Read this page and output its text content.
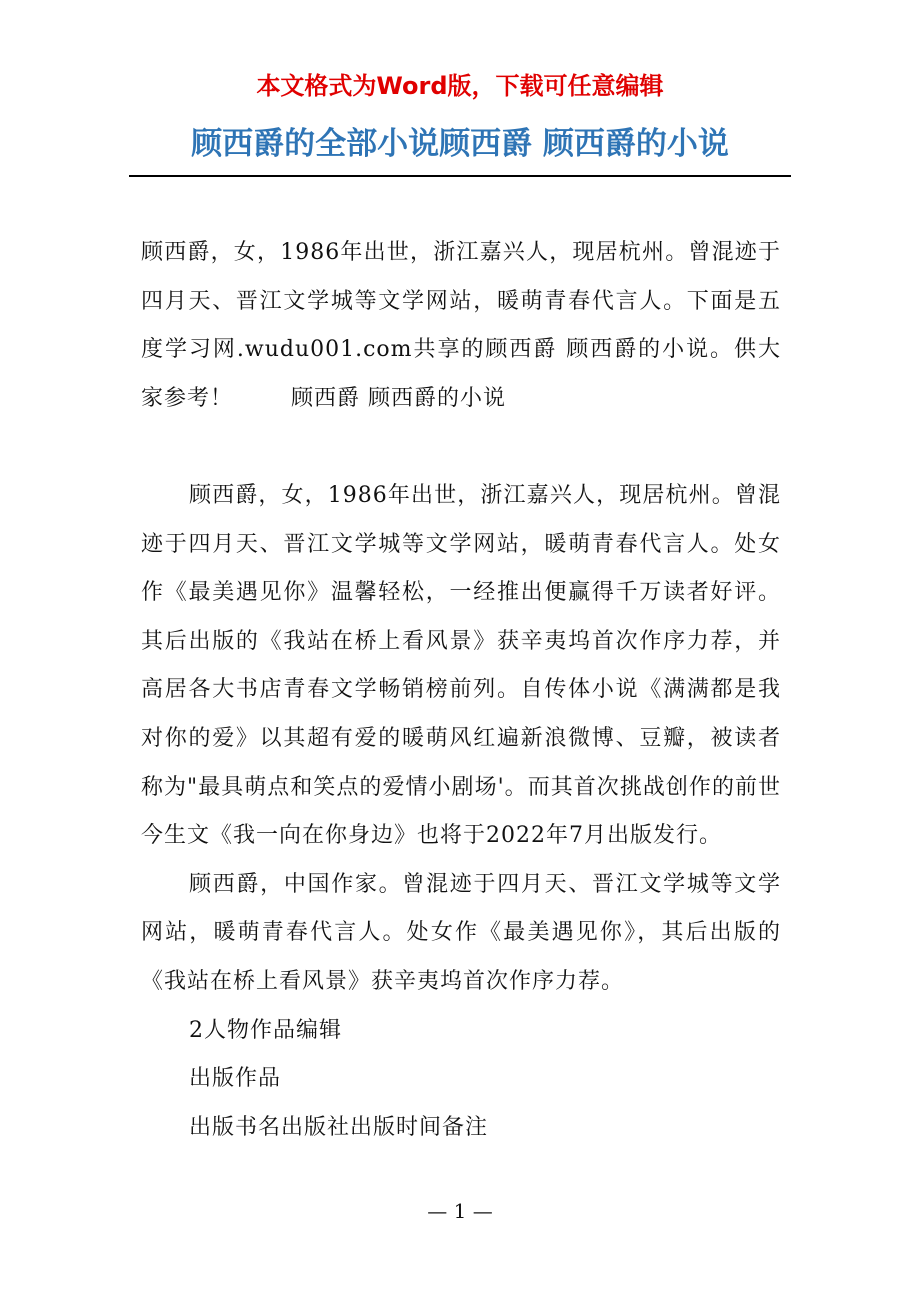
本文格式为Word版，下载可任意编辑
顾西爵的全部小说顾西爵 顾西爵的小说

顾西爵，女，1986年出世，浙江嘉兴人，现居杭州。曾混迹于四月天、晋江文学城等文学网站，暖萌青春代言人。下面是五度学习网.wudu001.com共享的顾西爵 顾西爵的小说。供大家参考！	顾西爵 顾西爵的小说

顾西爵，女，1986年出世，浙江嘉兴人，现居杭州。曾混迹于四月天、晋江文学城等文学网站，暖萌青春代言人。处女作《最美遇见你》温馨轻松，一经推出便赢得千万读者好评。其后出版的《我站在桥上看风景》获辛夷坞首次作序力荐，并高居各大书店青春文学畅销榜前列。自传体小说《满满都是我对你的爱》以其超有爱的暖萌风红遍新浪微博、豆瓣，被读者称为"最具萌点和笑点的爱情小剧场'。而其首次挑战创作的前世今生文《我一向在你身边》也将于2022年7月出版发行。

顾西爵，中国作家。曾混迹于四月天、晋江文学城等文学网站，暖萌青春代言人。处女作《最美遇见你》，其后出版的《我站在桥上看风景》获辛夷坞首次作序力荐。

2人物作品编辑

出版作品

出版书名出版社出版时间备注

— 1 —
